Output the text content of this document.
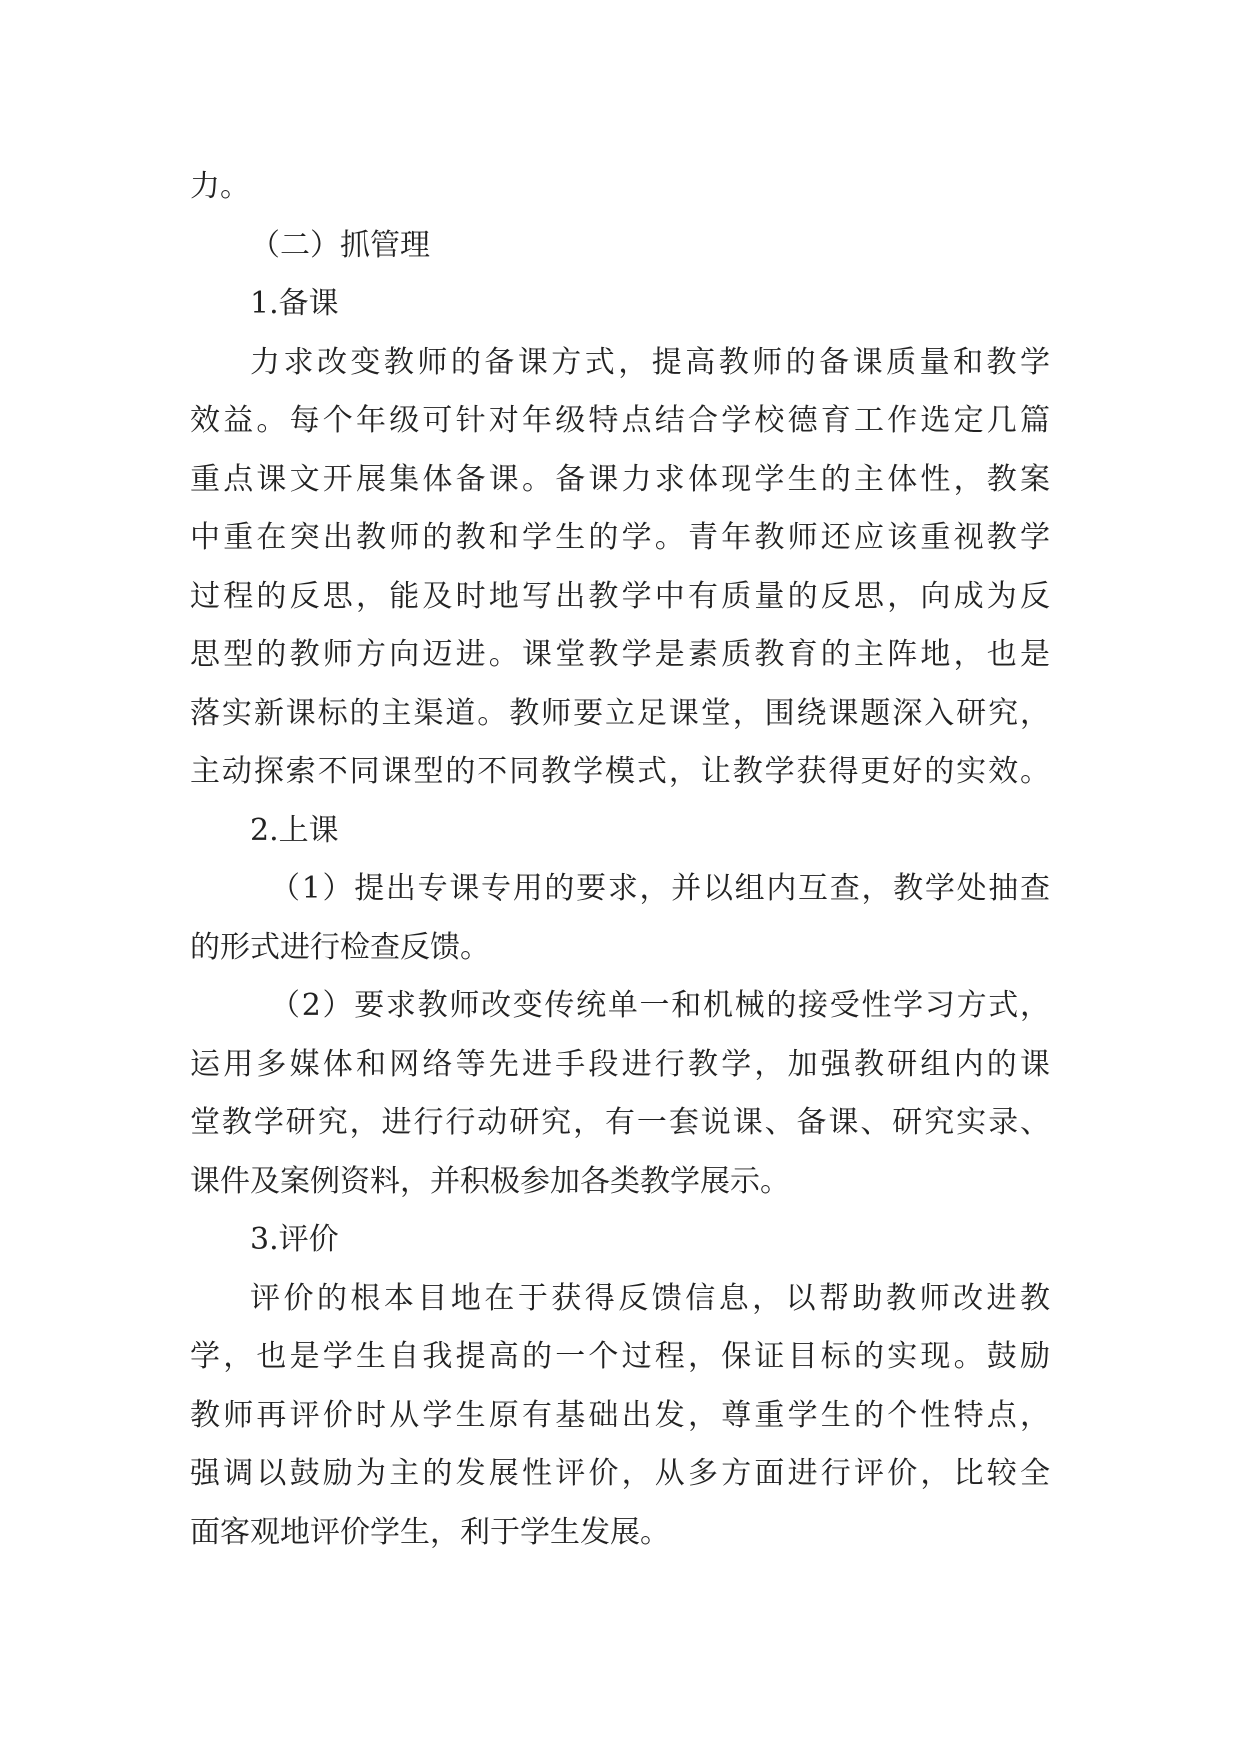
力。
（二）抓管理
1.备课
力求改变教师的备课方式，提高教师的备课质量和教学
效益。每个年级可针对年级特点结合学校德育工作选定几篇
重点课文开展集体备课。备课力求体现学生的主体性，教案
中重在突出教师的教和学生的学。青年教师还应该重视教学
过程的反思，能及时地写出教学中有质量的反思，向成为反
思型的教师方向迈进。课堂教学是素质教育的主阵地，也是
落实新课标的主渠道。教师要立足课堂，围绕课题深入研究，
主动探索不同课型的不同教学模式，让教学获得更好的实效。
2.上课
（1）提出专课专用的要求，并以组内互查，教学处抽查
的形式进行检查反馈。
（2）要求教师改变传统单一和机械的接受性学习方式，
运用多媒体和网络等先进手段进行教学，加强教研组内的课
堂教学研究，进行行动研究，有一套说课、备课、研究实录、
课件及案例资料，并积极参加各类教学展示。
3.评价
评价的根本目地在于获得反馈信息，以帮助教师改进教
学，也是学生自我提高的一个过程，保证目标的实现。鼓励
教师再评价时从学生原有基础出发，尊重学生的个性特点，
强调以鼓励为主的发展性评价，从多方面进行评价，比较全
面客观地评价学生，利于学生发展。
